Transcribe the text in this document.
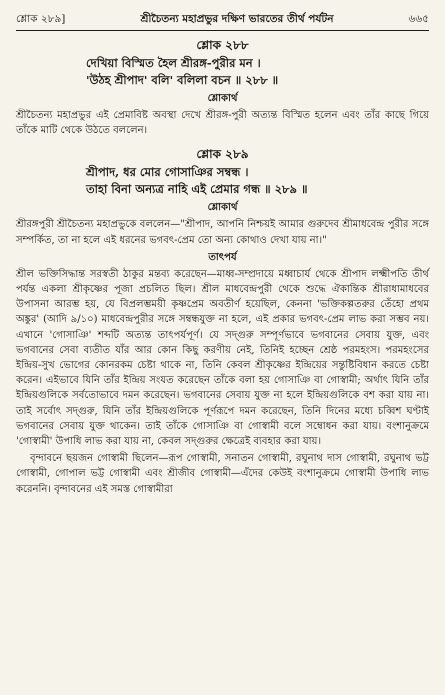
শ্লোক ২৮৯]	শ্রীচৈতন্য মহাপ্রভুর দক্ষিণ ভারতের তীর্থ পর্যটন	৬৬৫
শ্লোক ২৮৮
দেখিয়া বিস্মিত হৈল শ্রীরঙ্গ-পুরীর মন ।
'উঠহ শ্রীপাদ' বলি' বলিলা বচন ॥ ২৮৮ ॥
শ্লোকার্থ

শ্রীচৈতন্য মহাপ্রভুর এই প্রেমাবিষ্ট অবস্থা দেখে শ্রীরঙ্গ-পুরী অত্যন্ত বিস্মিত হলেন এবং তাঁর কাছে গিয়ে তাঁকে মাটি থেকে উঠতে বললেন।

শ্লোক ২৮৯
শ্রীপাদ, ধর মোর গোসাঞির সম্বন্ধ ।
তাহা বিনা অন্যত্র নাহি এই প্রেমার গন্ধ ॥ ২৮৯ ॥
শ্লোকার্থ

শ্রীরঙ্গপুরী শ্রীচৈতন্য মহাপ্রভুকে বললেন—"শ্রীপাদ, আপনি নিশ্চয়ই আমার গুরুদেব শ্রীমাধবেন্দ্র পুরীর সঙ্গে সম্পর্কিত, তা না হলে এই ধরনের ভগবৎ-প্রেম তো অন্য কোথাও দেখা যায় না।"

তাৎপর্য

শ্রীল ভক্তিসিদ্ধান্ত সরস্বতী ঠাকুর মন্তব্য করেছেন—মাধ্ব-সম্প্রদায়ে মধ্বাচার্য থেকে শ্রীপাদ লক্ষ্মীপতি তীর্থ পর্যন্ত একলা শ্রীকৃষ্ণের পূজা প্রচলিত ছিল। শ্রীল মাধবেন্দ্রপুরী থেকে শুদ্ধে ঐকান্তিক শ্রীরাধামাধবের উপাসনা আরম্ভ হয়, যে বিপ্রলম্ভময়ী কৃষ্ণপ্রেম অবতীর্ণ হয়েছিল, কেননা 'ভক্তিকল্পতরুর তেঁহো প্রথম অঙ্কুর' (আদি ৯/১০) মাধবেন্দ্রপুরীর সঙ্গে সম্বন্ধযুক্ত না হলে, এই প্রকার ভগবৎ-প্রেম লাভ করা সম্ভব নয়। এখানে 'গোসাঞি' শব্দটি অত্যন্ত তাৎপর্যপূর্ণ। যে সদ্গুরু সম্পূর্ণভাবে ভগবানের সেবায় যুক্ত, এবং ভগবানের সেবা ব্যতীত যাঁর আর কোন কিছু করণীয় নেই, তিনিই হচ্ছেন শ্রেষ্ঠ পরমহংস। পরমহংসের ইন্দ্রিয়-সুখ ভোগের কোনরকম চেষ্টা থাকে না, তিনি কেবল শ্রীকৃষ্ণের ইন্দ্রিয়ের সন্তুষ্টিবিধান করতে চেষ্টা করেন। এইভাবে যিনি তাঁর ইন্দ্রিয় সংযত করেছেন তাঁকে বলা হয় গোসাঞি বা গোস্বামী; অর্থাৎ যিনি তাঁর ইন্দ্রিয়গুলিকে সর্বতোভাবে দমন করেছেন। ভগবানের সেবায় যুক্ত না হলে ইন্দ্রিয়গুলিকে বশ করা যায় না। তাই সর্বোৎ সদ্গুরু, যিনি তাঁর ইন্দ্রিয়গুলিকে পূর্ণরূপে দমন করেছেন, তিনি দিনের মধ্যে চব্বিশ ঘণ্টাই ভগবানের সেবায় যুক্ত থাকেন। তাই তাঁকে গোসাঞি বা গোস্বামী বলে সম্বোধন করা যায়। বংশানুক্রমে 'গোস্বামী' উপাধি লাভ করা যায় না, কেবল সদ্গুরুর ক্ষেত্রেই ব্যবহার করা যায়।

বৃন্দাবনে ছয়জন গোস্বামী ছিলেন—রূপ গোস্বামী, সনাতন গোস্বামী, রঘুনাথ দাস গোস্বামী, রঘুনাথ ভট্ট গোস্বামী, গোপাল ভট্ট গোস্বামী এবং শ্রীজীব গোস্বামী—এঁদের কেউই বংশানুক্রমে গোস্বামী উপাধি লাভ করেননি। বৃন্দাবনের এই সমস্ত গোস্বামীরা
